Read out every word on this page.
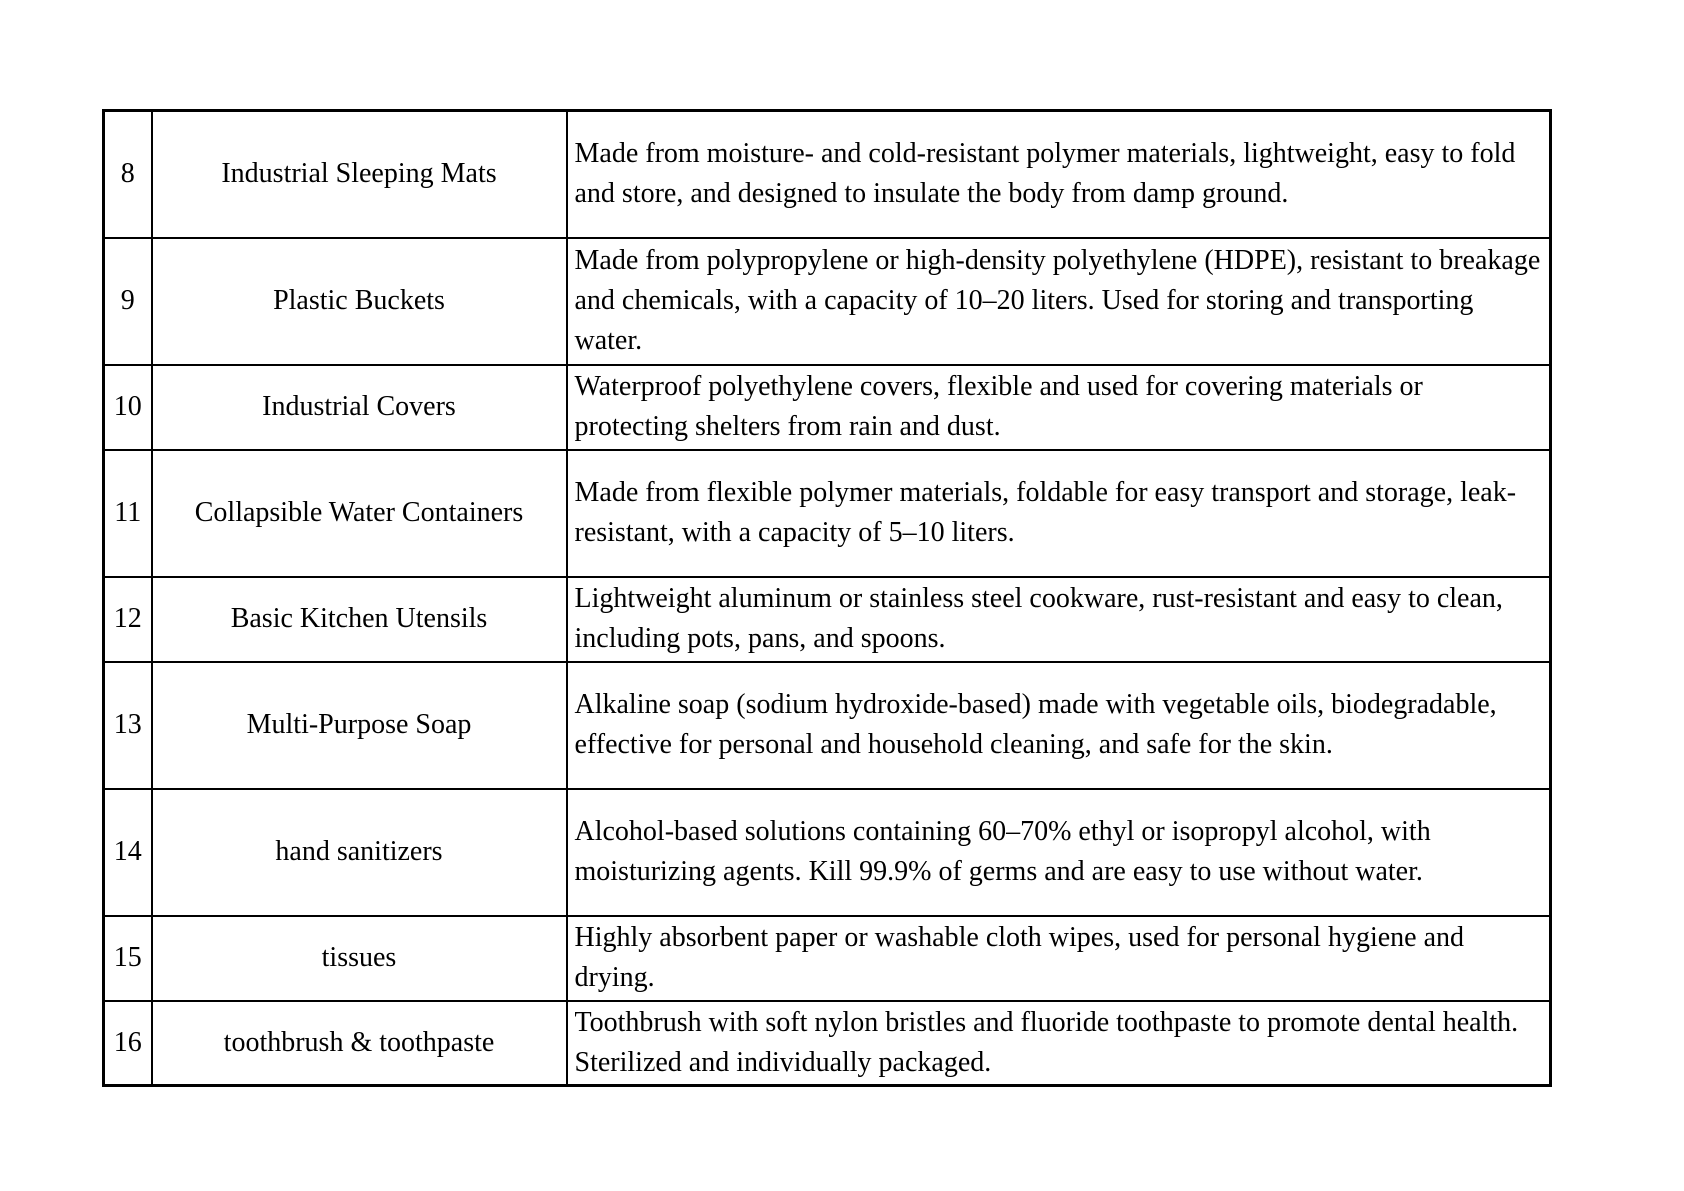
8	Industrial Sleeping Mats	Made from moisture- and cold-resistant polymer materials, lightweight, easy to fold and store, and designed to insulate the body from damp ground.
9	Plastic Buckets	Made from polypropylene or high-density polyethylene (HDPE), resistant to breakage and chemicals, with a capacity of 10–20 liters. Used for storing and transporting water.
10	Industrial Covers	Waterproof polyethylene covers, flexible and used for covering materials or protecting shelters from rain and dust.
11	Collapsible Water Containers	Made from flexible polymer materials, foldable for easy transport and storage, leak-resistant, with a capacity of 5–10 liters.
12	Basic Kitchen Utensils	Lightweight aluminum or stainless steel cookware, rust-resistant and easy to clean, including pots, pans, and spoons.
13	Multi-Purpose Soap	Alkaline soap (sodium hydroxide-based) made with vegetable oils, biodegradable, effective for personal and household cleaning, and safe for the skin.
14	hand sanitizers	Alcohol-based solutions containing 60–70% ethyl or isopropyl alcohol, with moisturizing agents. Kill 99.9% of germs and are easy to use without water.
15	tissues	Highly absorbent paper or washable cloth wipes, used for personal hygiene and drying.
16	toothbrush & toothpaste	Toothbrush with soft nylon bristles and fluoride toothpaste to promote dental health. Sterilized and individually packaged.
